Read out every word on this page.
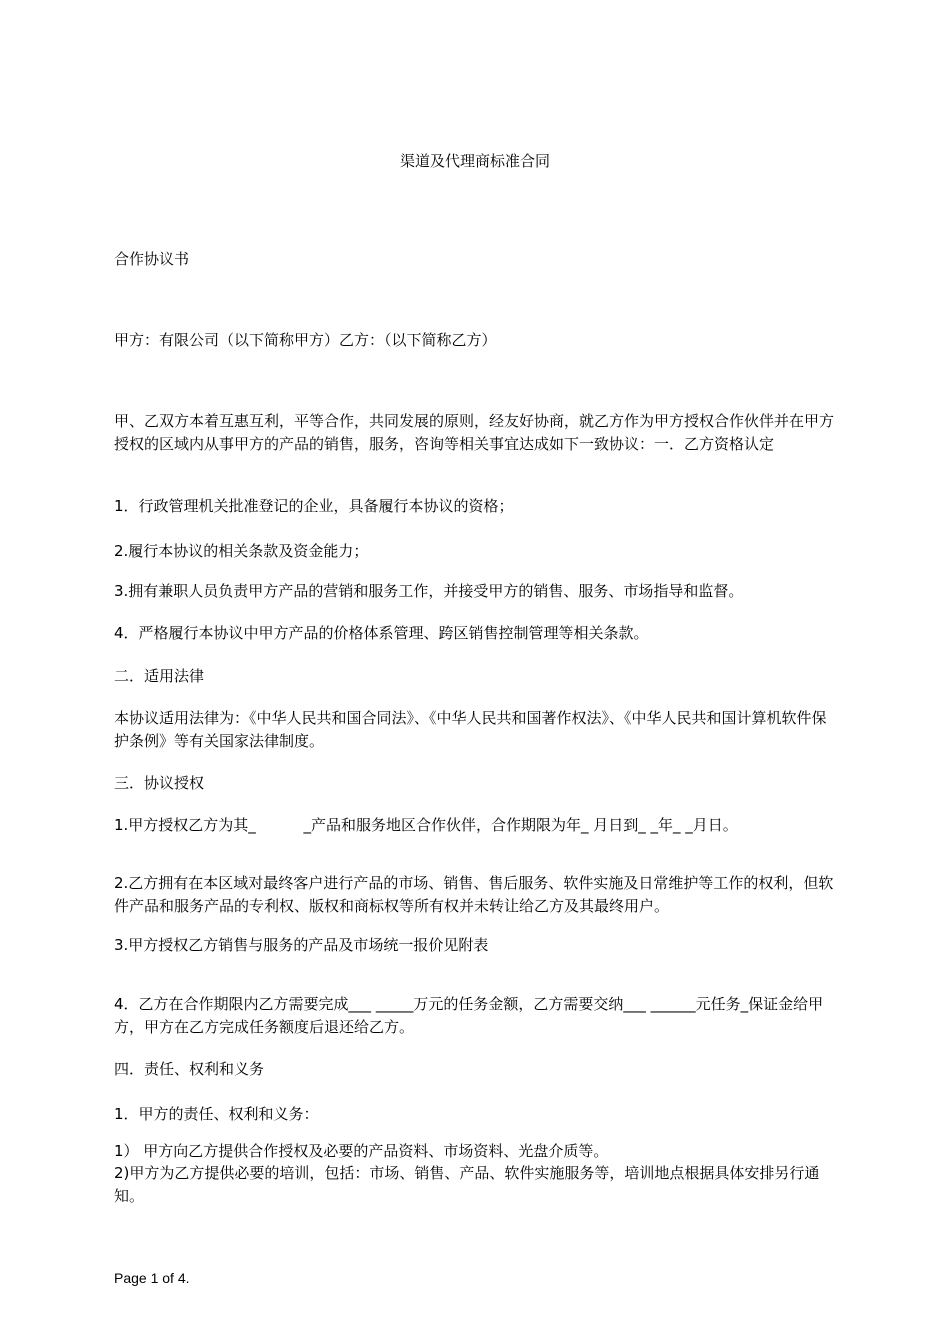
渠道及代理商标准合同
合作协议书
甲方：有限公司（以下简称甲方）乙方：（以下简称乙方）
甲、乙双方本着互惠互利，平等合作，共同发展的原则，经友好协商，就乙方作为甲方授权合作伙伴并在甲方授权的区域内从事甲方的产品的销售，服务，咨询等相关事宜达成如下一致协议：一．乙方资格认定
1．行政管理机关批准登记的企业，具备履行本协议的资格；
2.履行本协议的相关条款及资金能力；
3.拥有兼职人员负责甲方产品的营销和服务工作，并接受甲方的销售、服务、市场指导和监督。
4．严格履行本协议中甲方产品的价格体系管理、跨区销售控制管理等相关条款。
二．适用法律
本协议适用法律为：《中华人民共和国合同法》、《中华人民共和国著作权法》、《中华人民共和国计算机软件保护条例》等有关国家法律制度。
三．协议授权
1.甲方授权乙方为其_          _产品和服务地区合作伙伴，合作期限为年_ 月日到_ _年_ _月日。
2.乙方拥有在本区域对最终客户进行产品的市场、销售、售后服务、软件实施及日常维护等工作的权利，但软件产品和服务产品的专利权、版权和商标权等所有权并未转让给乙方及其最终用户。
3.甲方授权乙方销售与服务的产品及市场统一报价见附表
4．乙方在合作期限内乙方需要完成___ _____万元的任务金额，乙方需要交纳___ ______元任务_保证金给甲方，甲方在乙方完成任务额度后退还给乙方。
四．责任、权利和义务
1．甲方的责任、权利和义务：
1） 甲方向乙方提供合作授权及必要的产品资料、市场资料、光盘介质等。
2)甲方为乙方提供必要的培训，包括：市场、销售、产品、软件实施服务等，培训地点根据具体安排另行通知。
Page 1 of 4.
